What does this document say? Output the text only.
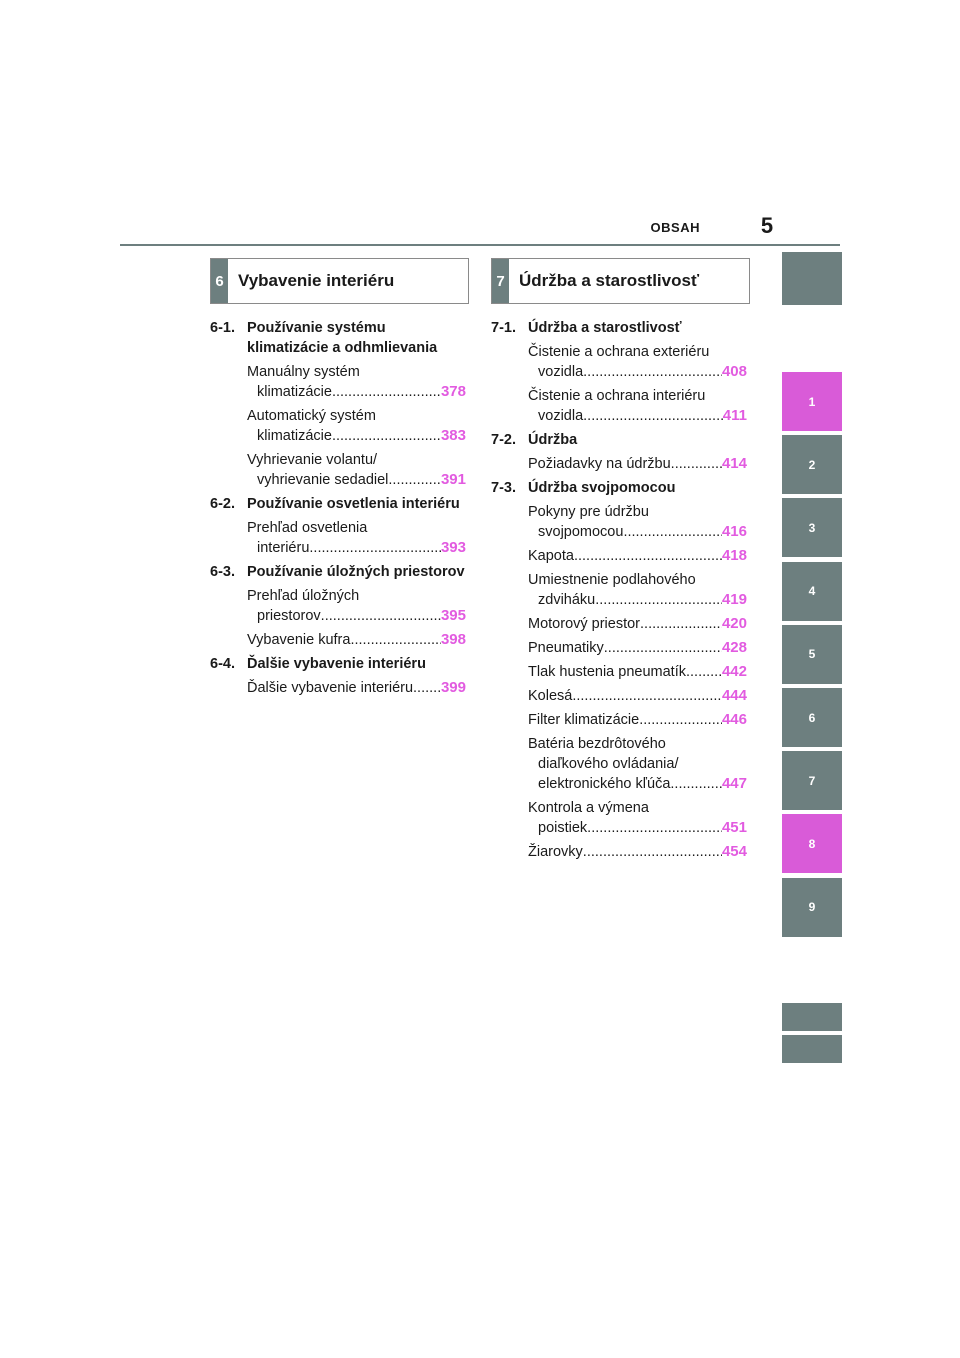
OBSAH	5
6 Vybavenie interiéru	7 Údržba a starostlivosť
6-1. Používanie systému klimatizácie a odhmlievania
Manuálny systém
klimatizácie .....	378
Automatický systém
klimatizácie .....	383
Vyhrievanie volantu/
vyhrievanie sedadiel .....	391
6-2. Používanie osvetlenia interiéru
Prehľad osvetlenia
interiéru .....	393
6-3. Používanie úložných priestorov
Prehľad úložných
priestorov .....	395
Vybavenie kufra .....	398
6-4. Ďalšie vybavenie interiéru
Ďalšie vybavenie interiéru ..... 399
7-1. Údržba a starostlivosť
Čistenie a ochrana exteriéru
vozidla .....	408
Čistenie a ochrana interiéru
vozidla .....	411
7-2. Údržba
Požiadavky na údržbu .....	414
7-3. Údržba svojpomocou
Pokyny pre údržbu
svojpomocou .....	416
Kapota .....	418
Umiestnenie podlahového
zdviháku .....	419
Motorový priestor .....	420
Pneumatiky .....	428
Tlak hustenia pneumatík ..... 442
Kolesá .....	444
Filter klimatizácie .....	446
Batéria bezdrôtového
diaľkového ovládania/
elektronického kľúča .....	447
Kontrola a výmena
poistiek .....	451
Žiarovky .....	454
1
2
3
4
5
6
7
8
9
